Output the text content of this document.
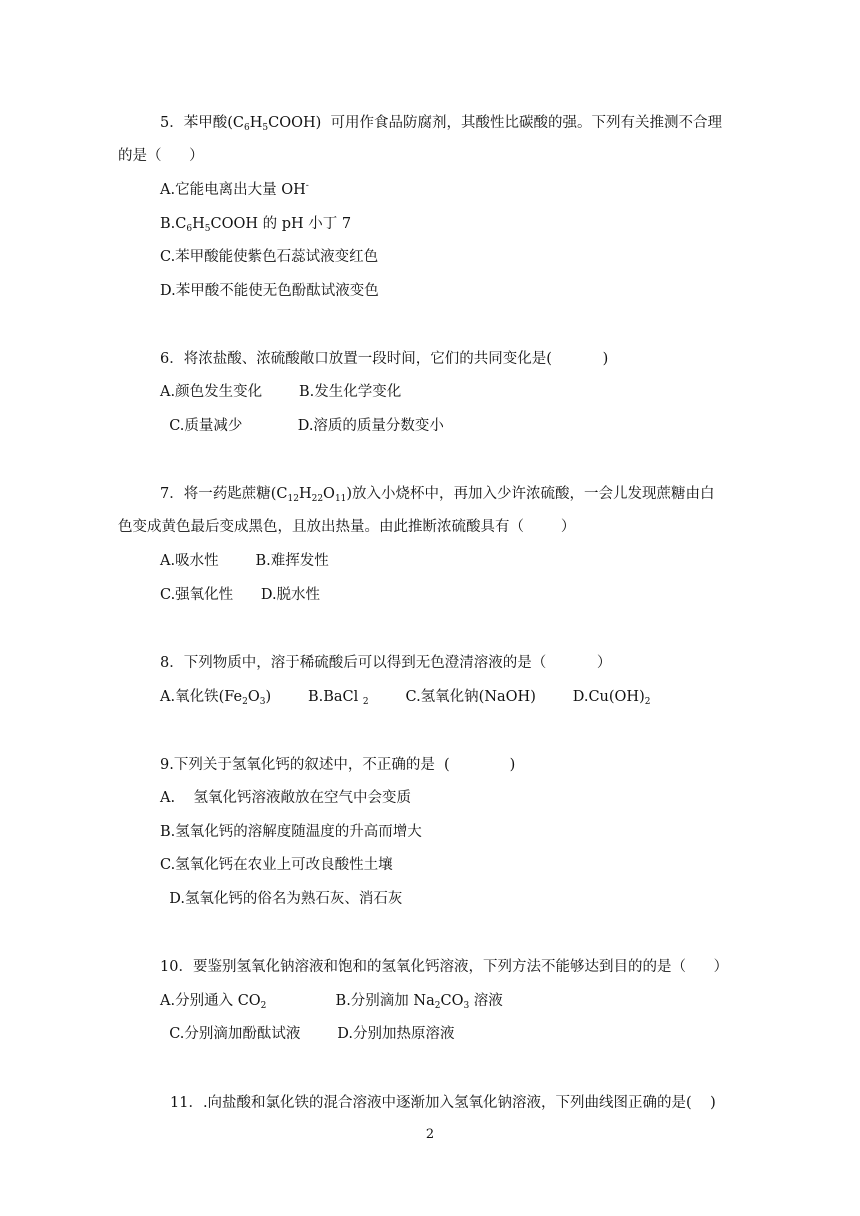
5．苯甲酸$(C_6H_5COOH)$  可用作食品防腐剂，其酸性比碳酸的强。下列有关推测不合理
的是（      ）
A.它能电离出大量 OH-
$B.C_6H_5COOH$ 的 pH 小丁 7
C.苯甲酸能使紫色石蕊试液变红色
D.苯甲酸不能使无色酚酞试液变色
6．将浓盐酸、浓硫酸敞口放置一段时间，它们的共同变化是(           )
A.颜色发生变化        B.发生化学变化
C.质量减少            D.溶质的质量分数变小
7．将一药匙蔗糖$(C_{12}H_{22}O_{11})$放入小烧杯中，再加入少许浓硫酸，一会儿发现蔗糖由白
色变成黄色最后变成黑色，且放出热量。由此推断浓硫酸具有（        ）
A.吸水性        B.难挥发性
C.强氧化性      D.脱水性
8．下列物质中，溶于稀硫酸后可以得到无色澄清溶液的是（           ）
A.氧化铁$(Fe_2O_3)$        B.BaCl $_2$        C.氢氧化钠(NaOH)        $D.Cu(OH)_2$
9.下列关于氢氧化钙的叙述中，不正确的是  (             )
A.    氢氧化钙溶液敞放在空气中会变质
B.氢氧化钙的溶解度随温度的升高而增大
C.氢氧化钙在农业上可改良酸性土壤
D.氢氧化钙的俗名为熟石灰、消石灰
10．要鉴别氢氧化钠溶液和饱和的氢氧化钙溶液，下列方法不能够达到目的的是（      ）
A.分别通入 $CO_2$               B.分别滴加 $Na_2CO_3$ 溶液
C.分别滴加酚酞试液        D.分别加热原溶液
11．.向盐酸和氯化铁的混合溶液中逐渐加入氢氧化钠溶液，下列曲线图正确的是(    )
2
